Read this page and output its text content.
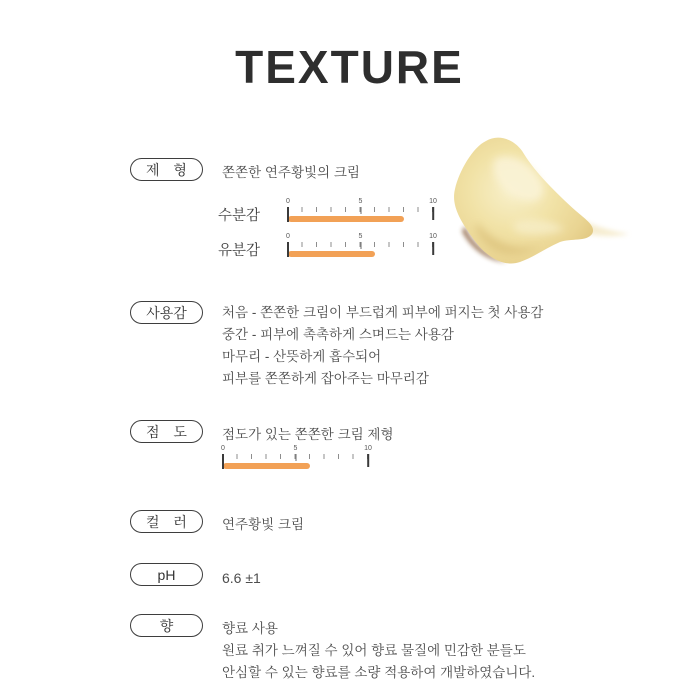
TEXTURE
제 형	쫀쫀한 연주황빛의 크림
수분감
0	5	10
유분감
0	5	10
사용감	처음 - 쫀쫀한 크림이 부드럽게 피부에 퍼지는 첫 사용감
중간 - 피부에 촉촉하게 스며드는 사용감
마무리 - 산뜻하게 흡수되어
피부를 쫀쫀하게 잡아주는 마무리감
점 도	점도가 있는 쫀쫀한 크림 제형
0	5	10
컬 러	연주황빛 크림
pH	6.6 ±1
향	향료 사용
원료 취가 느껴질 수 있어 향료 물질에 민감한 분들도
안심할 수 있는 향료를 소량 적용하여 개발하였습니다.
